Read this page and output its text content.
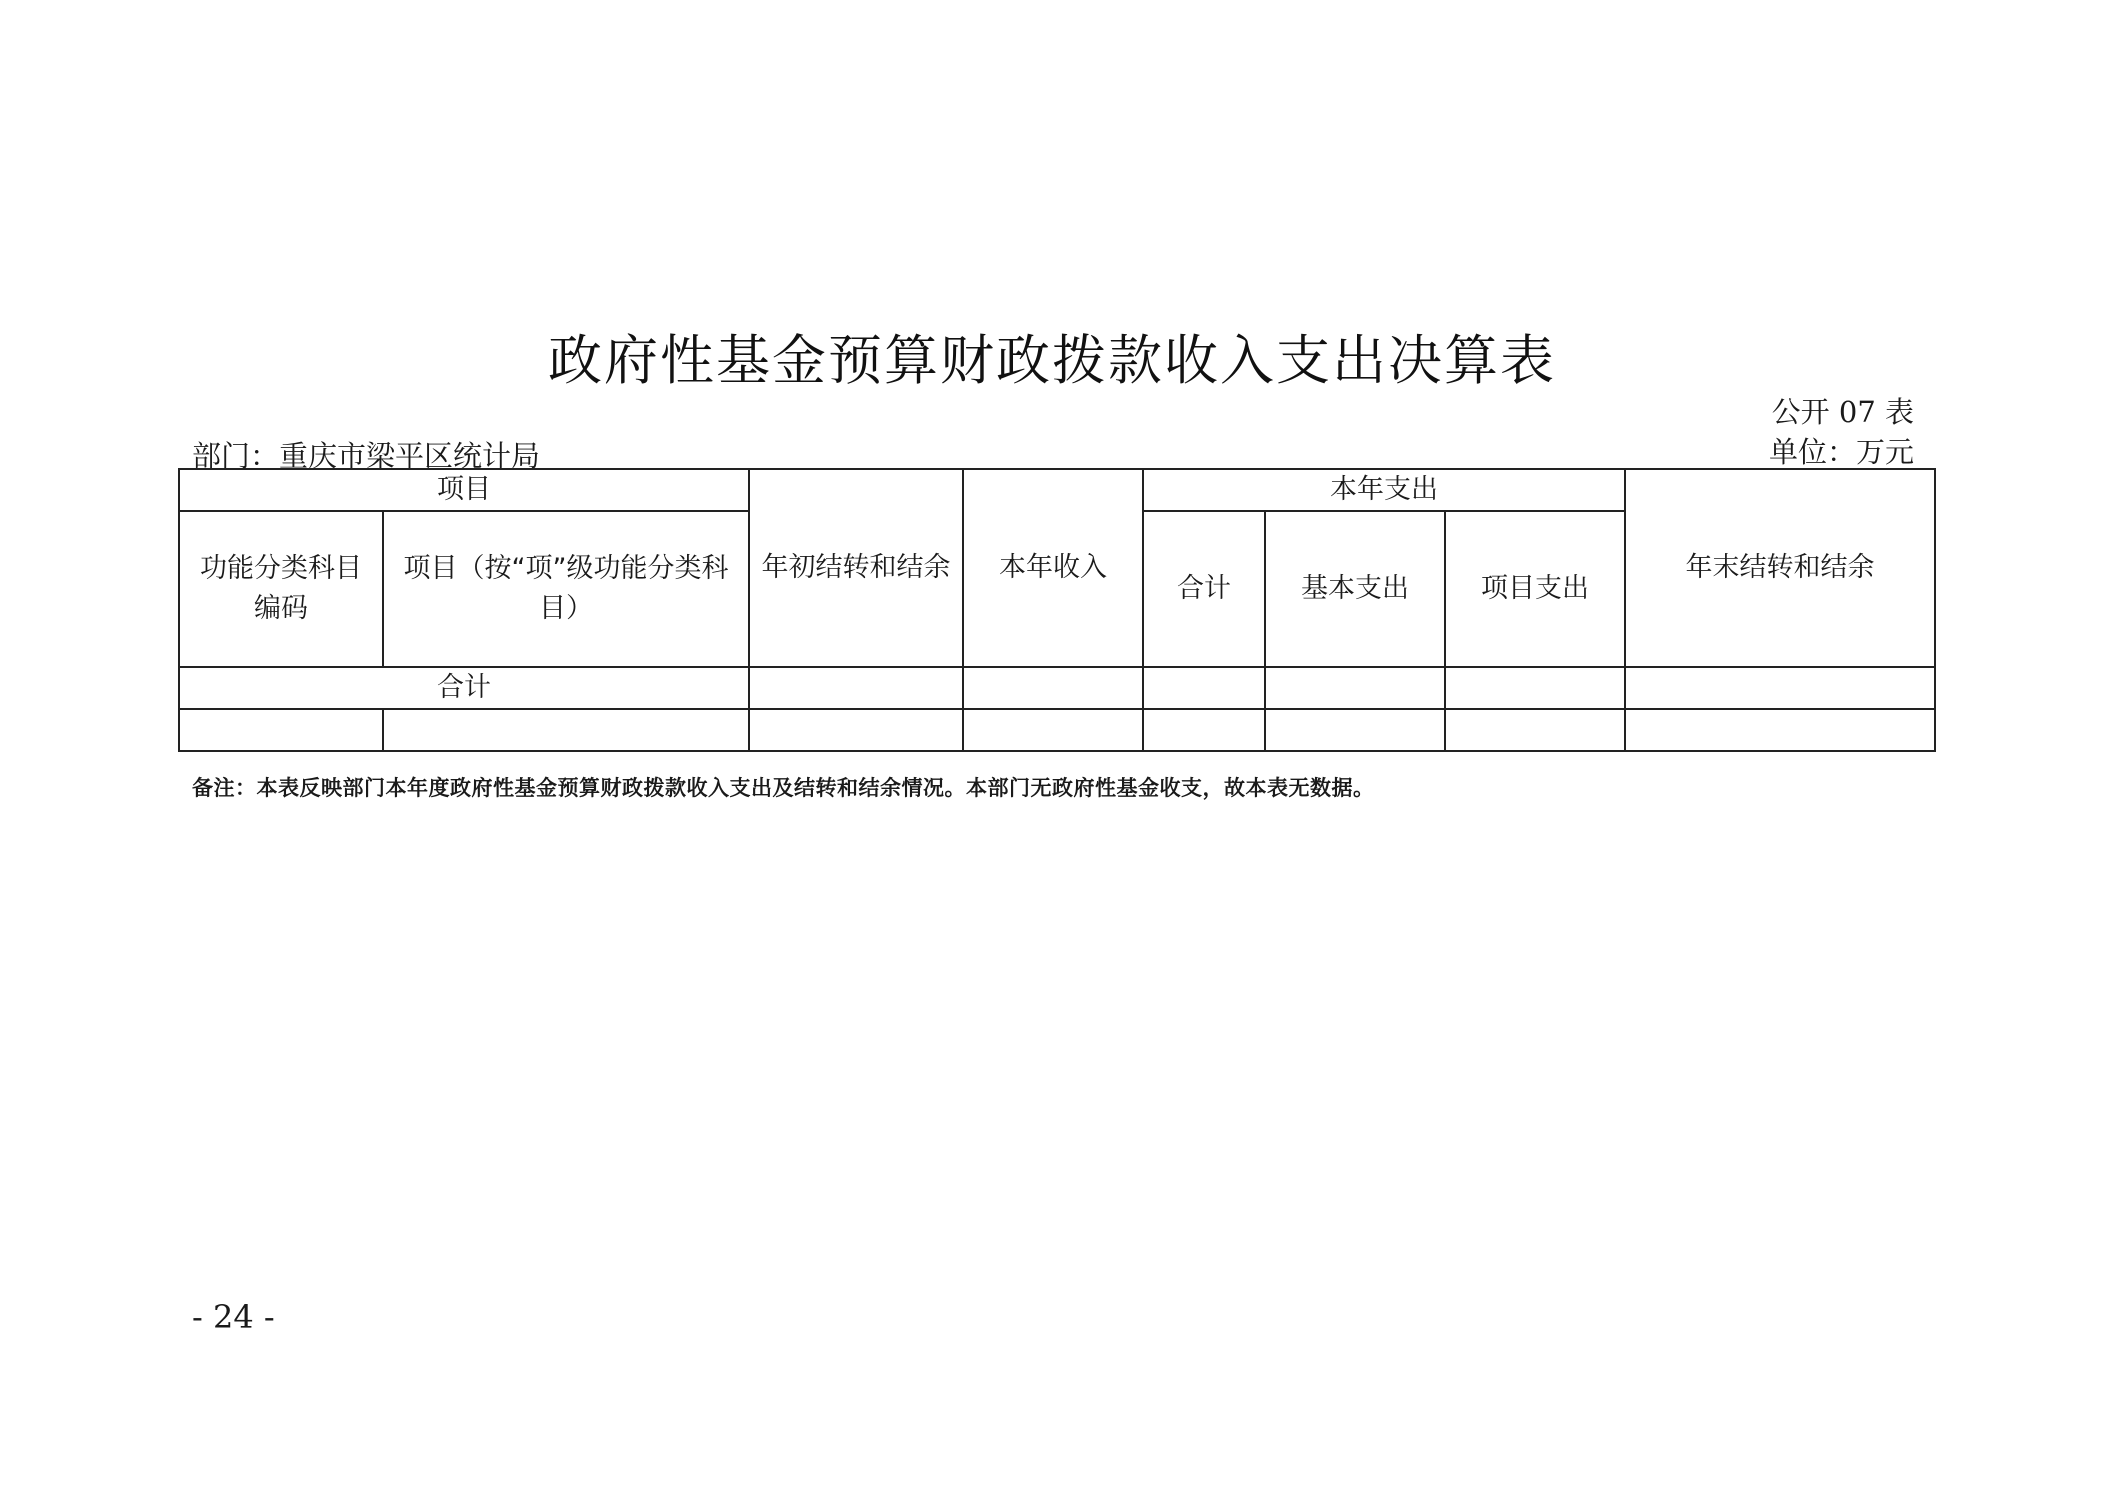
政府性基金预算财政拨款收入支出决算表
公开 07 表
部门：重庆市梁平区统计局	单位：万元
项目		年初结转和结余	本年收入	本年支出			年末结转和结余
功能分类科目编码	项目（按“项”级功能分类科目）			合计	基本支出	项目支出	
合计							

备注：本表反映部门本年度政府性基金预算财政拨款收入支出及结转和结余情况。本部门无政府性基金收支，故本表无数据。
- 24 -
